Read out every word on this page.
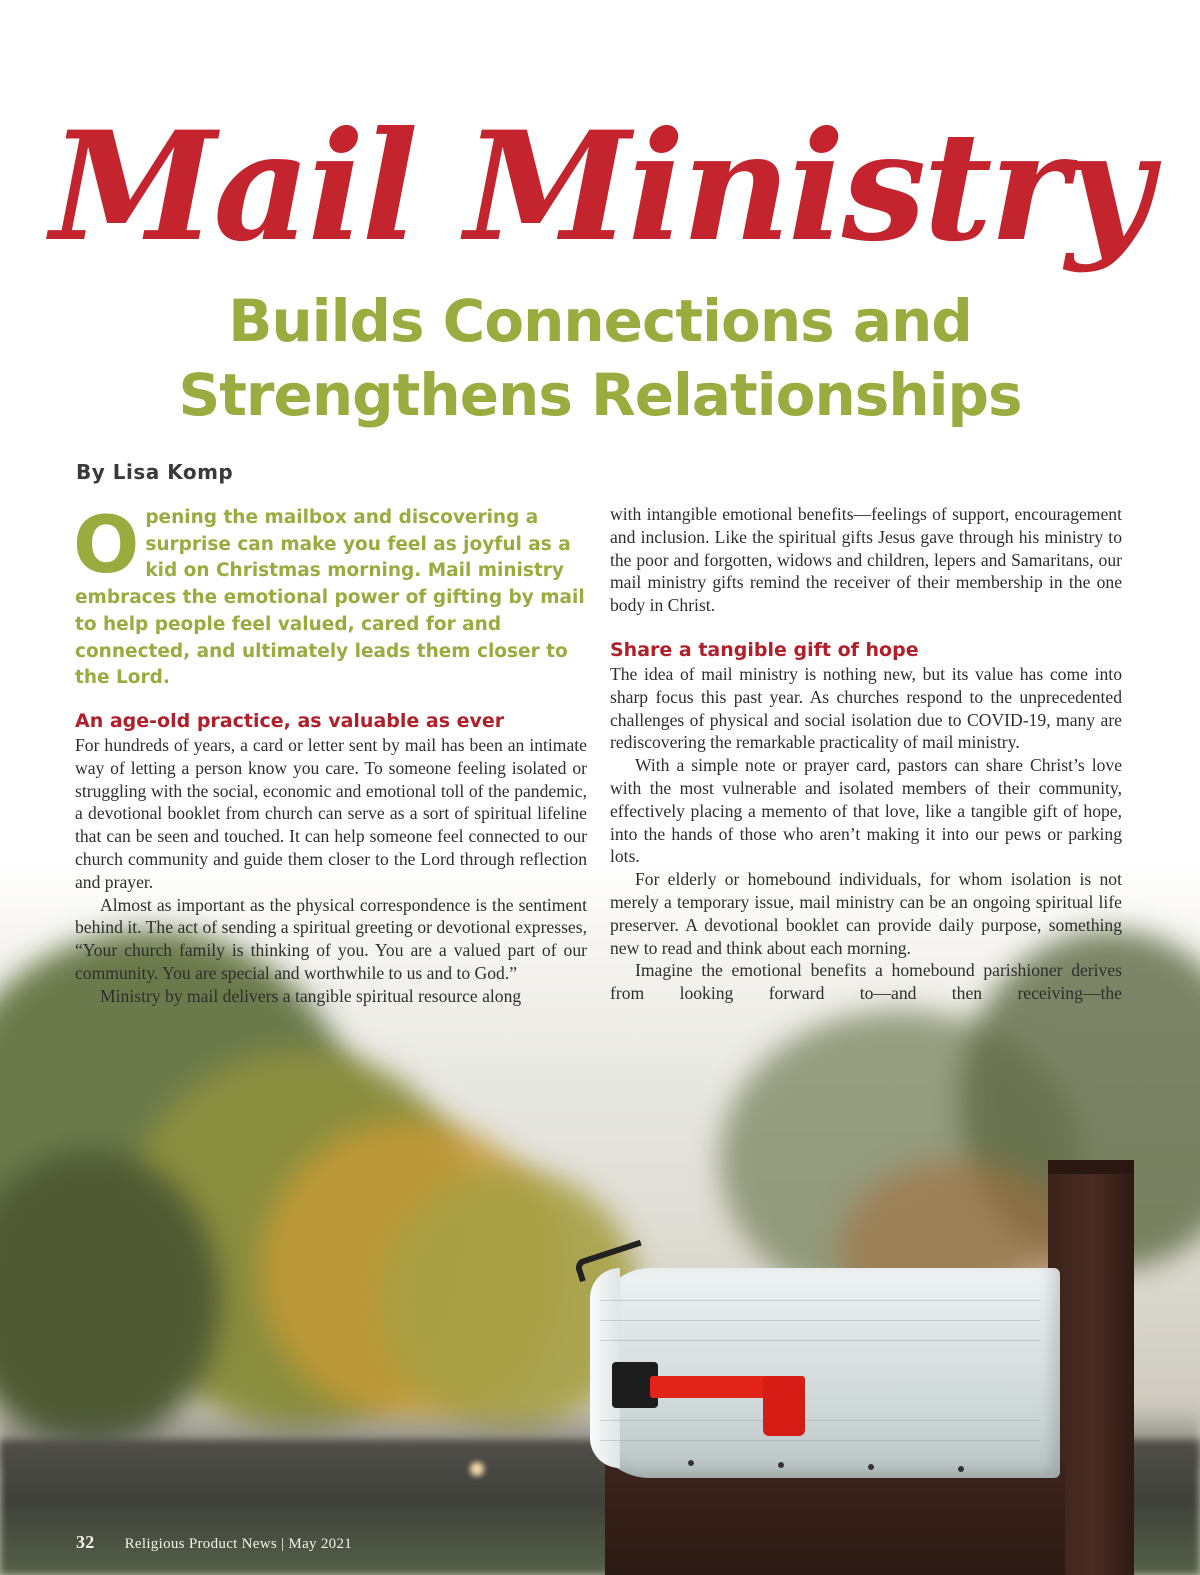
Mail Ministry
Builds Connections and
Strengthens Relationships
By Lisa Komp

Opening the mailbox and discovering a surprise can make you feel as joyful as a kid on Christmas morning. Mail ministry embraces the emotional power of gifting by mail to help people feel valued, cared for and connected, and ultimately leads them closer to the Lord.

An age-old practice, as valuable as ever

For hundreds of years, a card or letter sent by mail has been an intimate way of letting a person know you care. To someone feeling isolated or struggling with the social, economic and emotional toll of the pandemic, a devotional booklet from church can serve as a sort of spiritual lifeline that can be seen and touched. It can help someone feel connected to our church community and guide them closer to the Lord through reflection and prayer.

Almost as important as the physical correspondence is the sentiment behind it. The act of sending a spiritual greeting or devotional expresses, “Your church family is thinking of you. You are a valued part of our community. You are special and worthwhile to us and to God.”

Ministry by mail delivers a tangible spiritual resource along

with intangible emotional benefits—feelings of support, encouragement and inclusion. Like the spiritual gifts Jesus gave through his ministry to the poor and forgotten, widows and children, lepers and Samaritans, our mail ministry gifts remind the receiver of their membership in the one body in Christ.

Share a tangible gift of hope

The idea of mail ministry is nothing new, but its value has come into sharp focus this past year. As churches respond to the unprecedented challenges of physical and social isolation due to COVID-19, many are rediscovering the remarkable practicality of mail ministry.

With a simple note or prayer card, pastors can share Christ’s love with the most vulnerable and isolated members of their community, effectively placing a memento of that love, like a tangible gift of hope, into the hands of those who aren’t making it into our pews or parking lots.

For elderly or homebound individuals, for whom isolation is not merely a temporary issue, mail ministry can be an ongoing spiritual life preserver. A devotional booklet can provide daily purpose, something new to read and think about each morning.

Imagine the emotional benefits a homebound parishioner derives from looking forward to—and then receiving—the

32 Religious Product News | May 2021
